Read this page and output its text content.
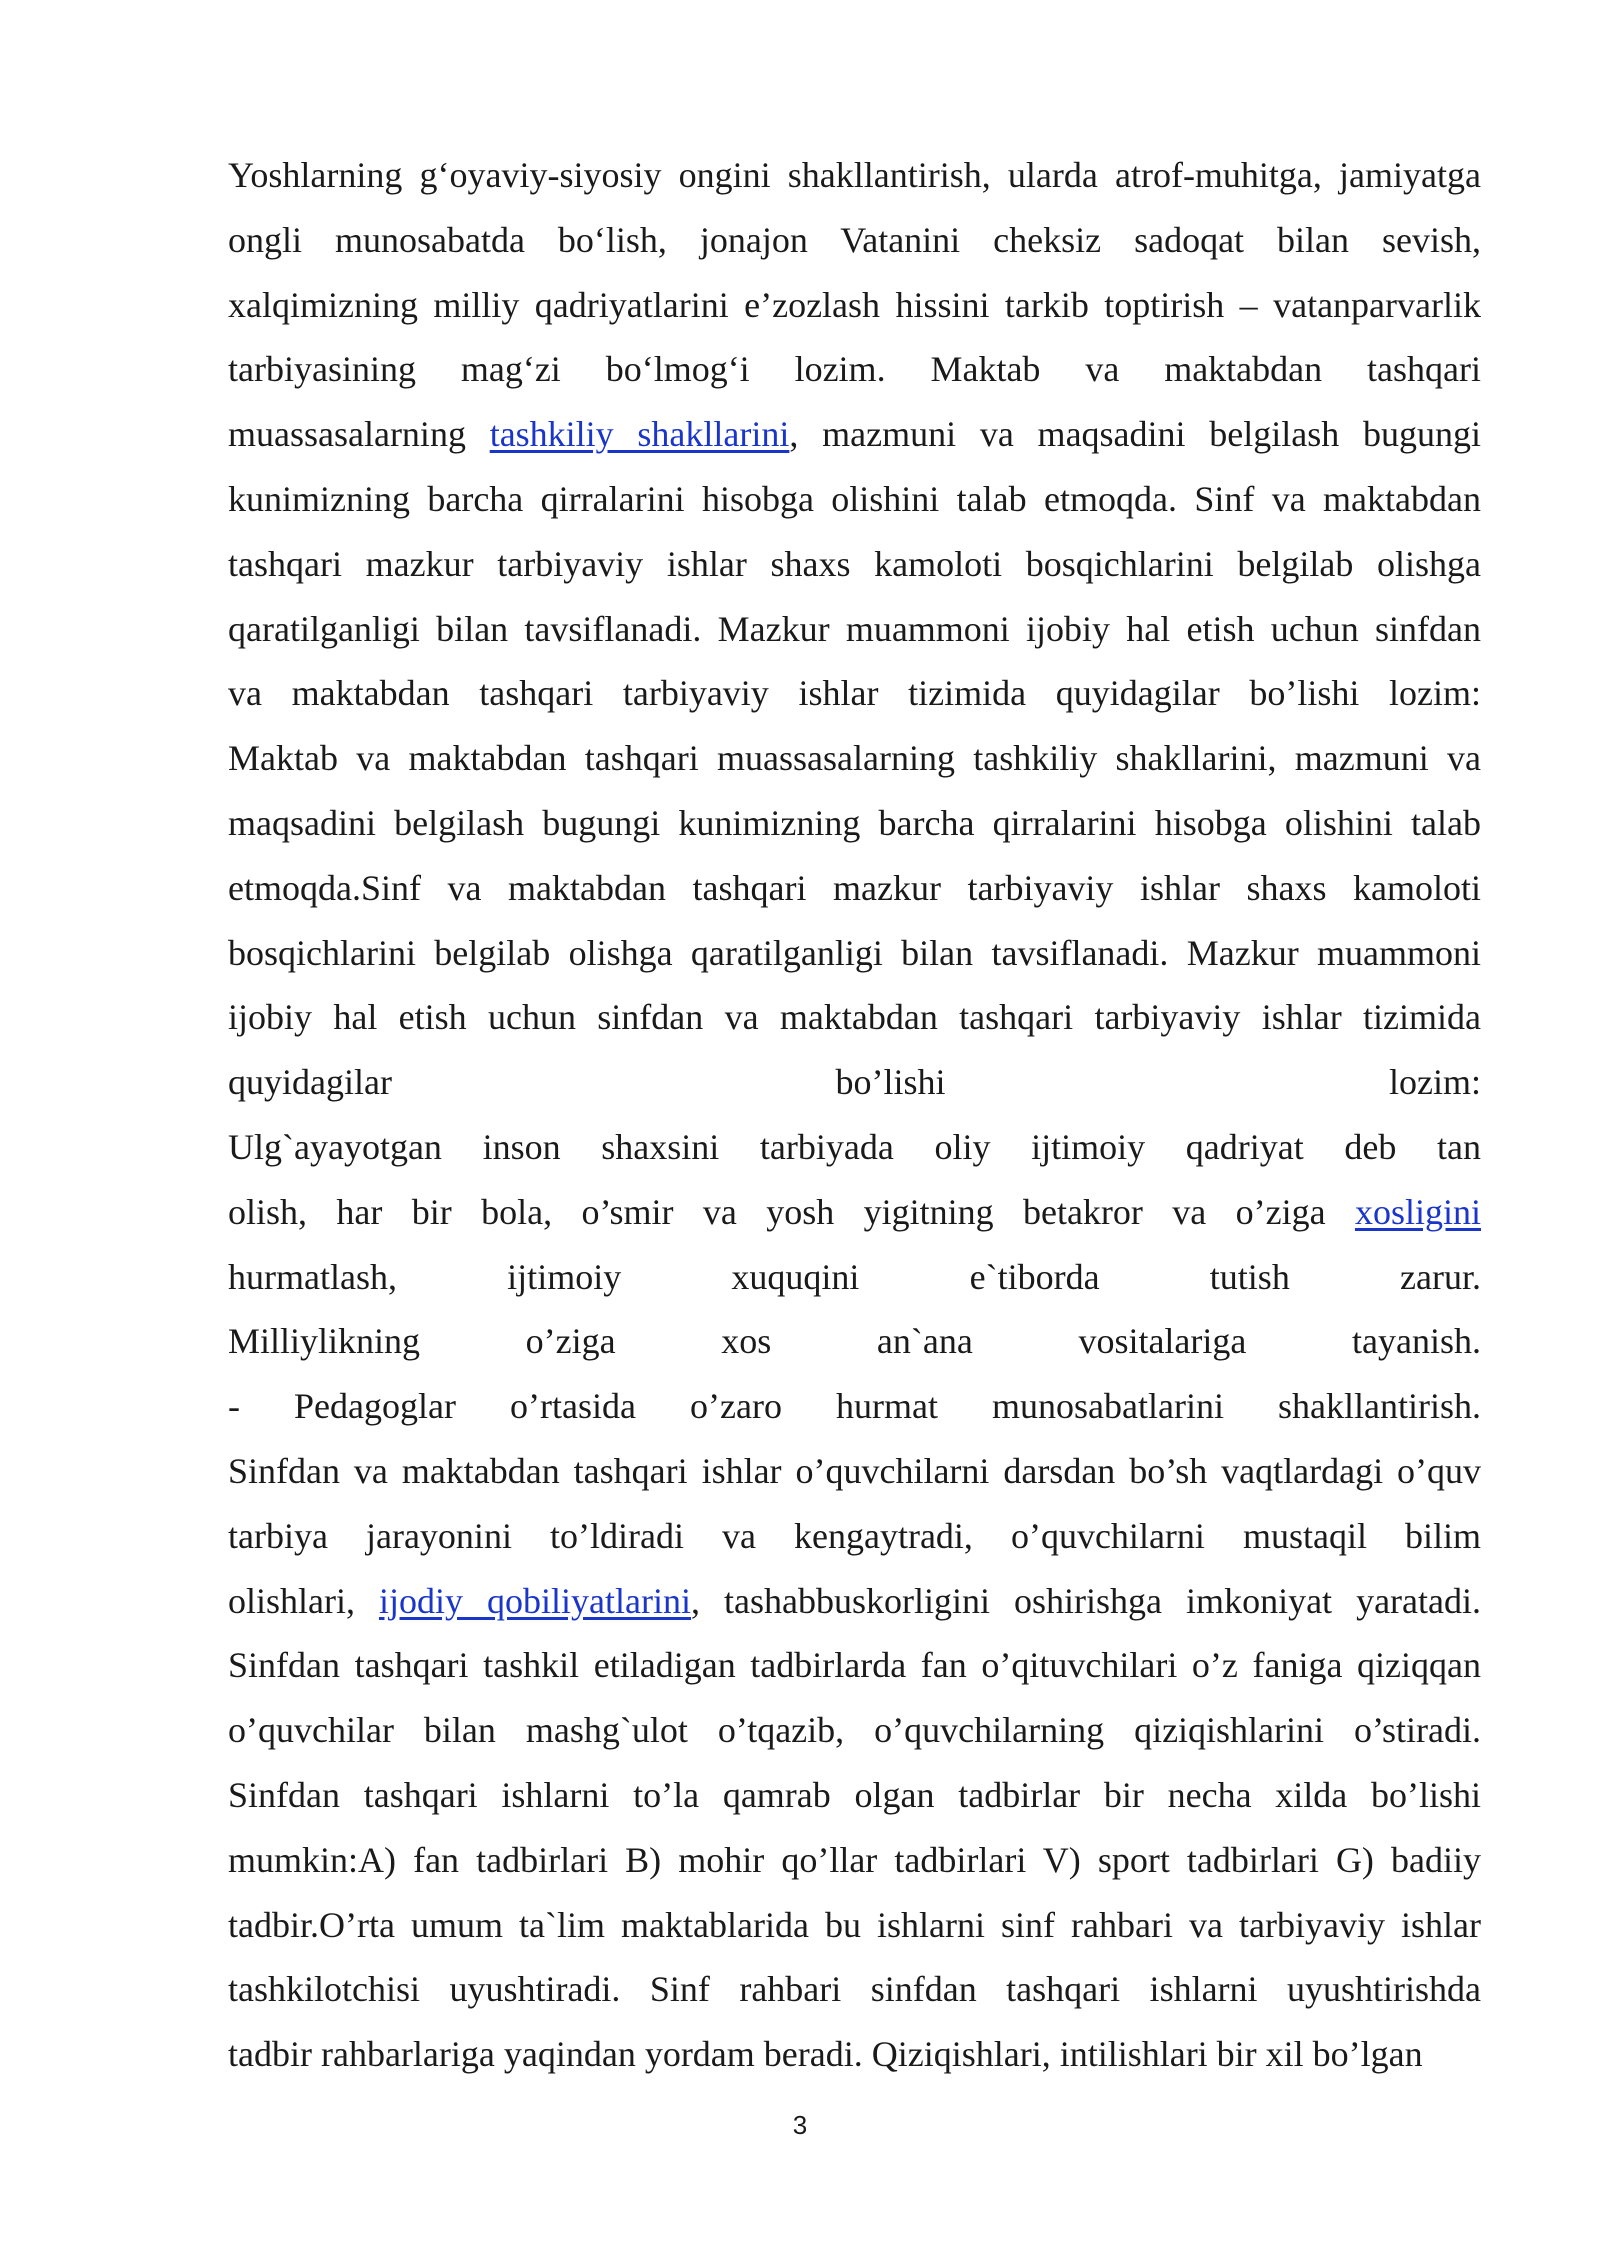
Yoshlarning g‘oyaviy-siyosiy ongini shakllantirish, ularda atrof-muhitga, jamiyatga
ongli munosabatda bo‘lish, jonajon Vatanini cheksiz sadoqat bilan sevish,
xalqimizning milliy qadriyatlarini e’zozlash hissini tarkib toptirish – vatanparvarlik
tarbiyasining mag‘zi bo‘lmog‘i lozim. Maktab va maktabdan tashqari
muassasalarning tashkiliy shakllarini, mazmuni va maqsadini belgilash bugungi
kunimizning barcha qirralarini hisobga olishini talab etmoqda. Sinf va maktabdan
tashqari mazkur tarbiyaviy ishlar shaxs kamoloti bosqichlarini belgilab olishga
qaratilganligi bilan tavsiflanadi. Mazkur muammoni ijobiy hal etish uchun sinfdan
va maktabdan tashqari tarbiyaviy ishlar tizimida quyidagilar bo’lishi lozim:
Maktab va maktabdan tashqari muassasalarning tashkiliy shakllarini, mazmuni va
maqsadini belgilash bugungi kunimizning barcha qirralarini hisobga olishini talab
etmoqda.Sinf va maktabdan tashqari mazkur tarbiyaviy ishlar shaxs kamoloti
bosqichlarini belgilab olishga qaratilganligi bilan tavsiflanadi. Mazkur muammoni
ijobiy hal etish uchun sinfdan va maktabdan tashqari tarbiyaviy ishlar tizimida
quyidagilar bo’lishi lozim:
Ulg`ayayotgan inson shaxsini tarbiyada oliy ijtimoiy qadriyat deb tan
olish, har bir bola, o’smir va yosh yigitning betakror va o’ziga xosligini
hurmatlash, ijtimoiy xuquqini e`tiborda tutish zarur.
Milliylikning o’ziga xos an`ana vositalariga tayanish.
- Pedagoglar o’rtasida o’zaro hurmat munosabatlarini shakllantirish.
Sinfdan va maktabdan tashqari ishlar o’quvchilarni darsdan bo’sh vaqtlardagi o’quv
tarbiya jarayonini to’ldiradi va kengaytradi, o’quvchilarni mustaqil bilim
olishlari, ijodiy qobiliyatlarini, tashabbuskorligini oshirishga imkoniyat yaratadi.
Sinfdan tashqari tashkil etiladigan tadbirlarda fan o’qituvchilari o’z faniga qiziqqan
o’quvchilar bilan mashg`ulot o’tqazib, o’quvchilarning qiziqishlarini o’stiradi.
Sinfdan tashqari ishlarni to’la qamrab olgan tadbirlar bir necha xilda bo’lishi
mumkin:A) fan tadbirlari B) mohir qo’llar tadbirlari V) sport tadbirlari G) badiiy
tadbir.O’rta umum ta`lim maktablarida bu ishlarni sinf rahbari va tarbiyaviy ishlar
tashkilotchisi uyushtiradi. Sinf rahbari sinfdan tashqari ishlarni uyushtirishda
tadbir rahbarlariga yaqindan yordam beradi. Qiziqishlari, intilishlari bir xil bo’lgan
3
